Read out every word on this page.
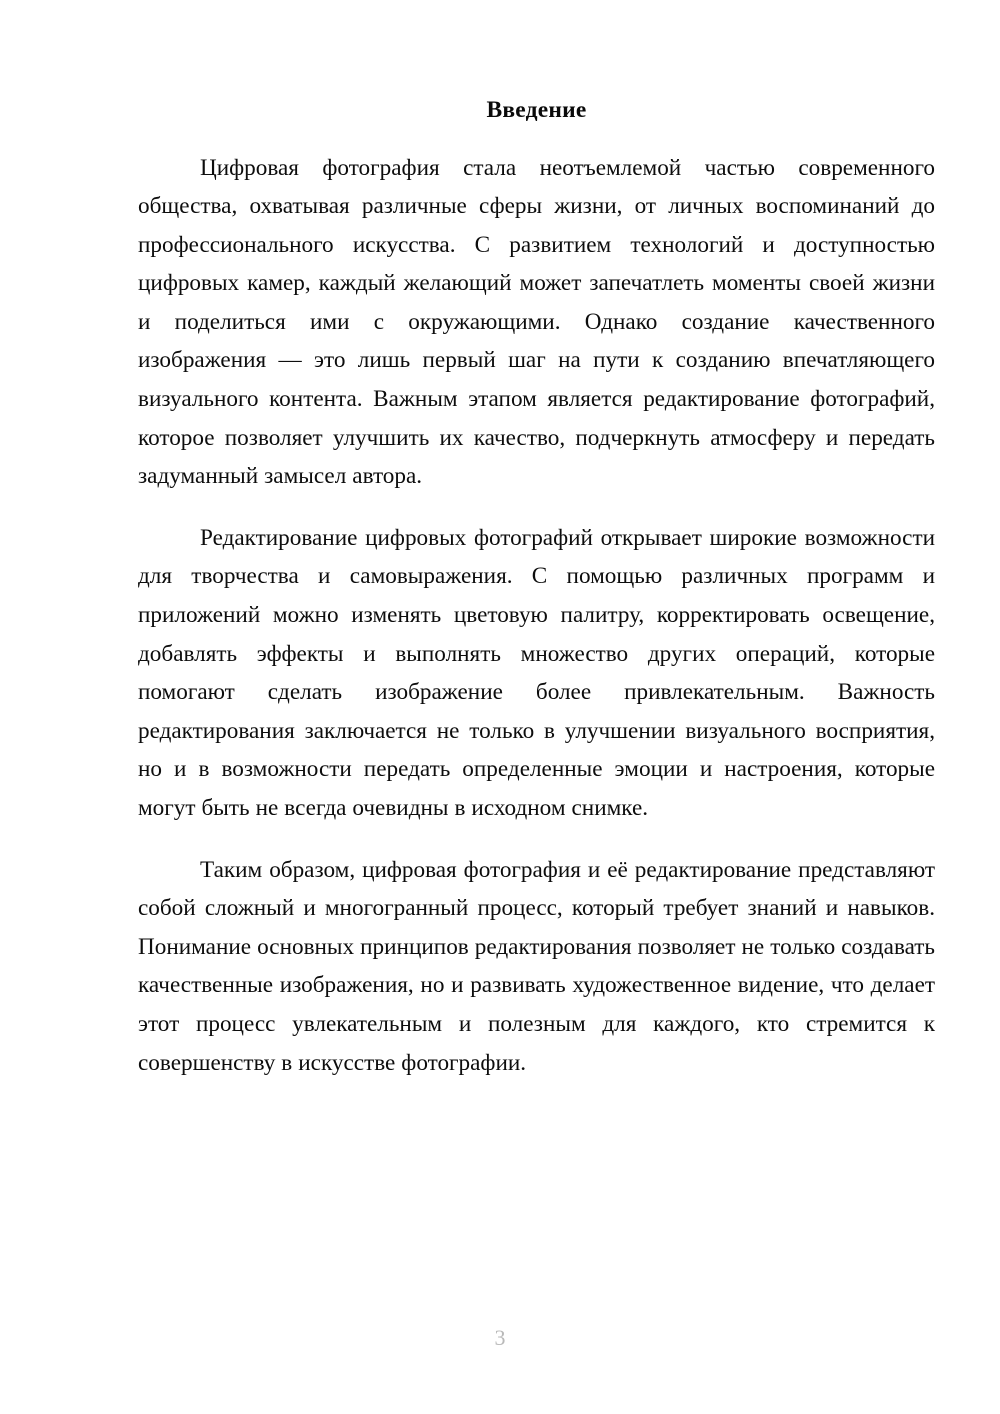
Введение

Цифровая фотография стала неотъемлемой частью современного общества, охватывая различные сферы жизни, от личных воспоминаний до профессионального искусства. С развитием технологий и доступностью цифровых камер, каждый желающий может запечатлеть моменты своей жизни и поделиться ими с окружающими. Однако создание качественного изображения — это лишь первый шаг на пути к созданию впечатляющего визуального контента. Важным этапом является редактирование фотографий, которое позволяет улучшить их качество, подчеркнуть атмосферу и передать задуманный замысел автора.

Редактирование цифровых фотографий открывает широкие возможности для творчества и самовыражения. С помощью различных программ и приложений можно изменять цветовую палитру, корректировать освещение, добавлять эффекты и выполнять множество других операций, которые помогают сделать изображение более привлекательным. Важность редактирования заключается не только в улучшении визуального восприятия, но и в возможности передать определенные эмоции и настроения, которые могут быть не всегда очевидны в исходном снимке.

Таким образом, цифровая фотография и её редактирование представляют собой сложный и многогранный процесс, который требует знаний и навыков. Понимание основных принципов редактирования позволяет не только создавать качественные изображения, но и развивать художественное видение, что делает этот процесс увлекательным и полезным для каждого, кто стремится к совершенству в искусстве фотографии.

3
